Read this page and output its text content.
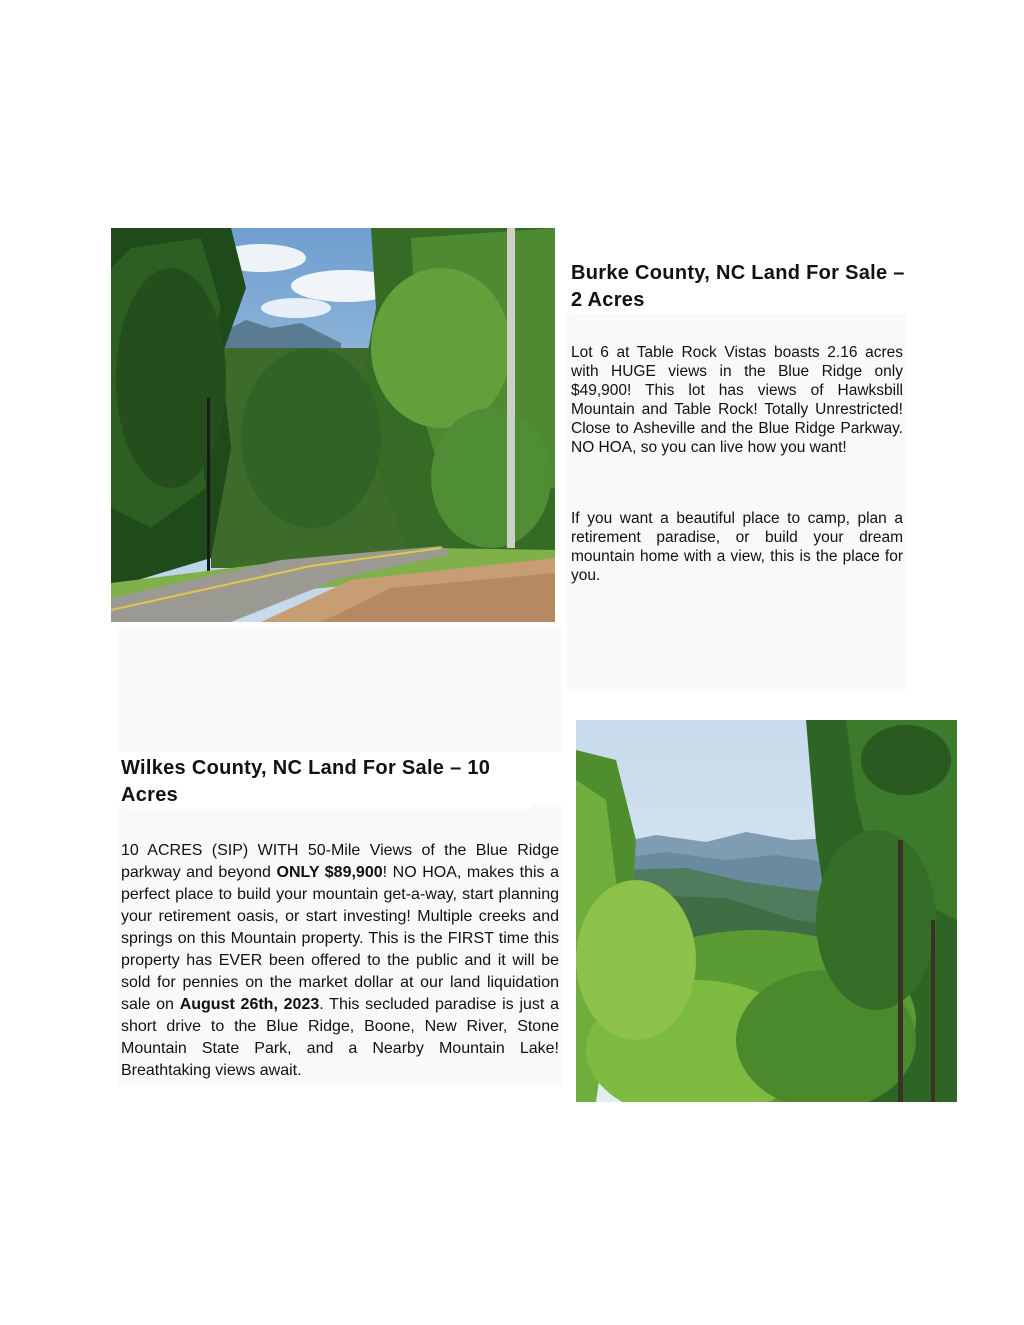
Burke County, NC Land For Sale – 2 Acres

Lot 6 at Table Rock Vistas boasts 2.16 acres with HUGE views in the Blue Ridge only $49,900! This lot has views of Hawksbill Mountain and Table Rock! Totally Unrestricted! Close to Asheville and the Blue Ridge Parkway. NO HOA, so you can live how you want!

If you want a beautiful place to camp, plan a retirement paradise, or build your dream mountain home with a view, this is the place for you.

Wilkes County, NC Land For Sale – 10 Acres

10 ACRES (SIP) WITH 50-Mile Views of the Blue Ridge parkway and beyond ONLY $89,900! NO HOA, makes this a perfect place to build your mountain get-a-way, start planning your retirement oasis, or start investing! Multiple creeks and springs on this Mountain property. This is the FIRST time this property has EVER been offered to the public and it will be sold for pennies on the market dollar at our land liquidation sale on August 26th, 2023. This secluded paradise is just a short drive to the Blue Ridge, Boone, New River, Stone Mountain State Park, and a Nearby Mountain Lake! Breathtaking views await.
